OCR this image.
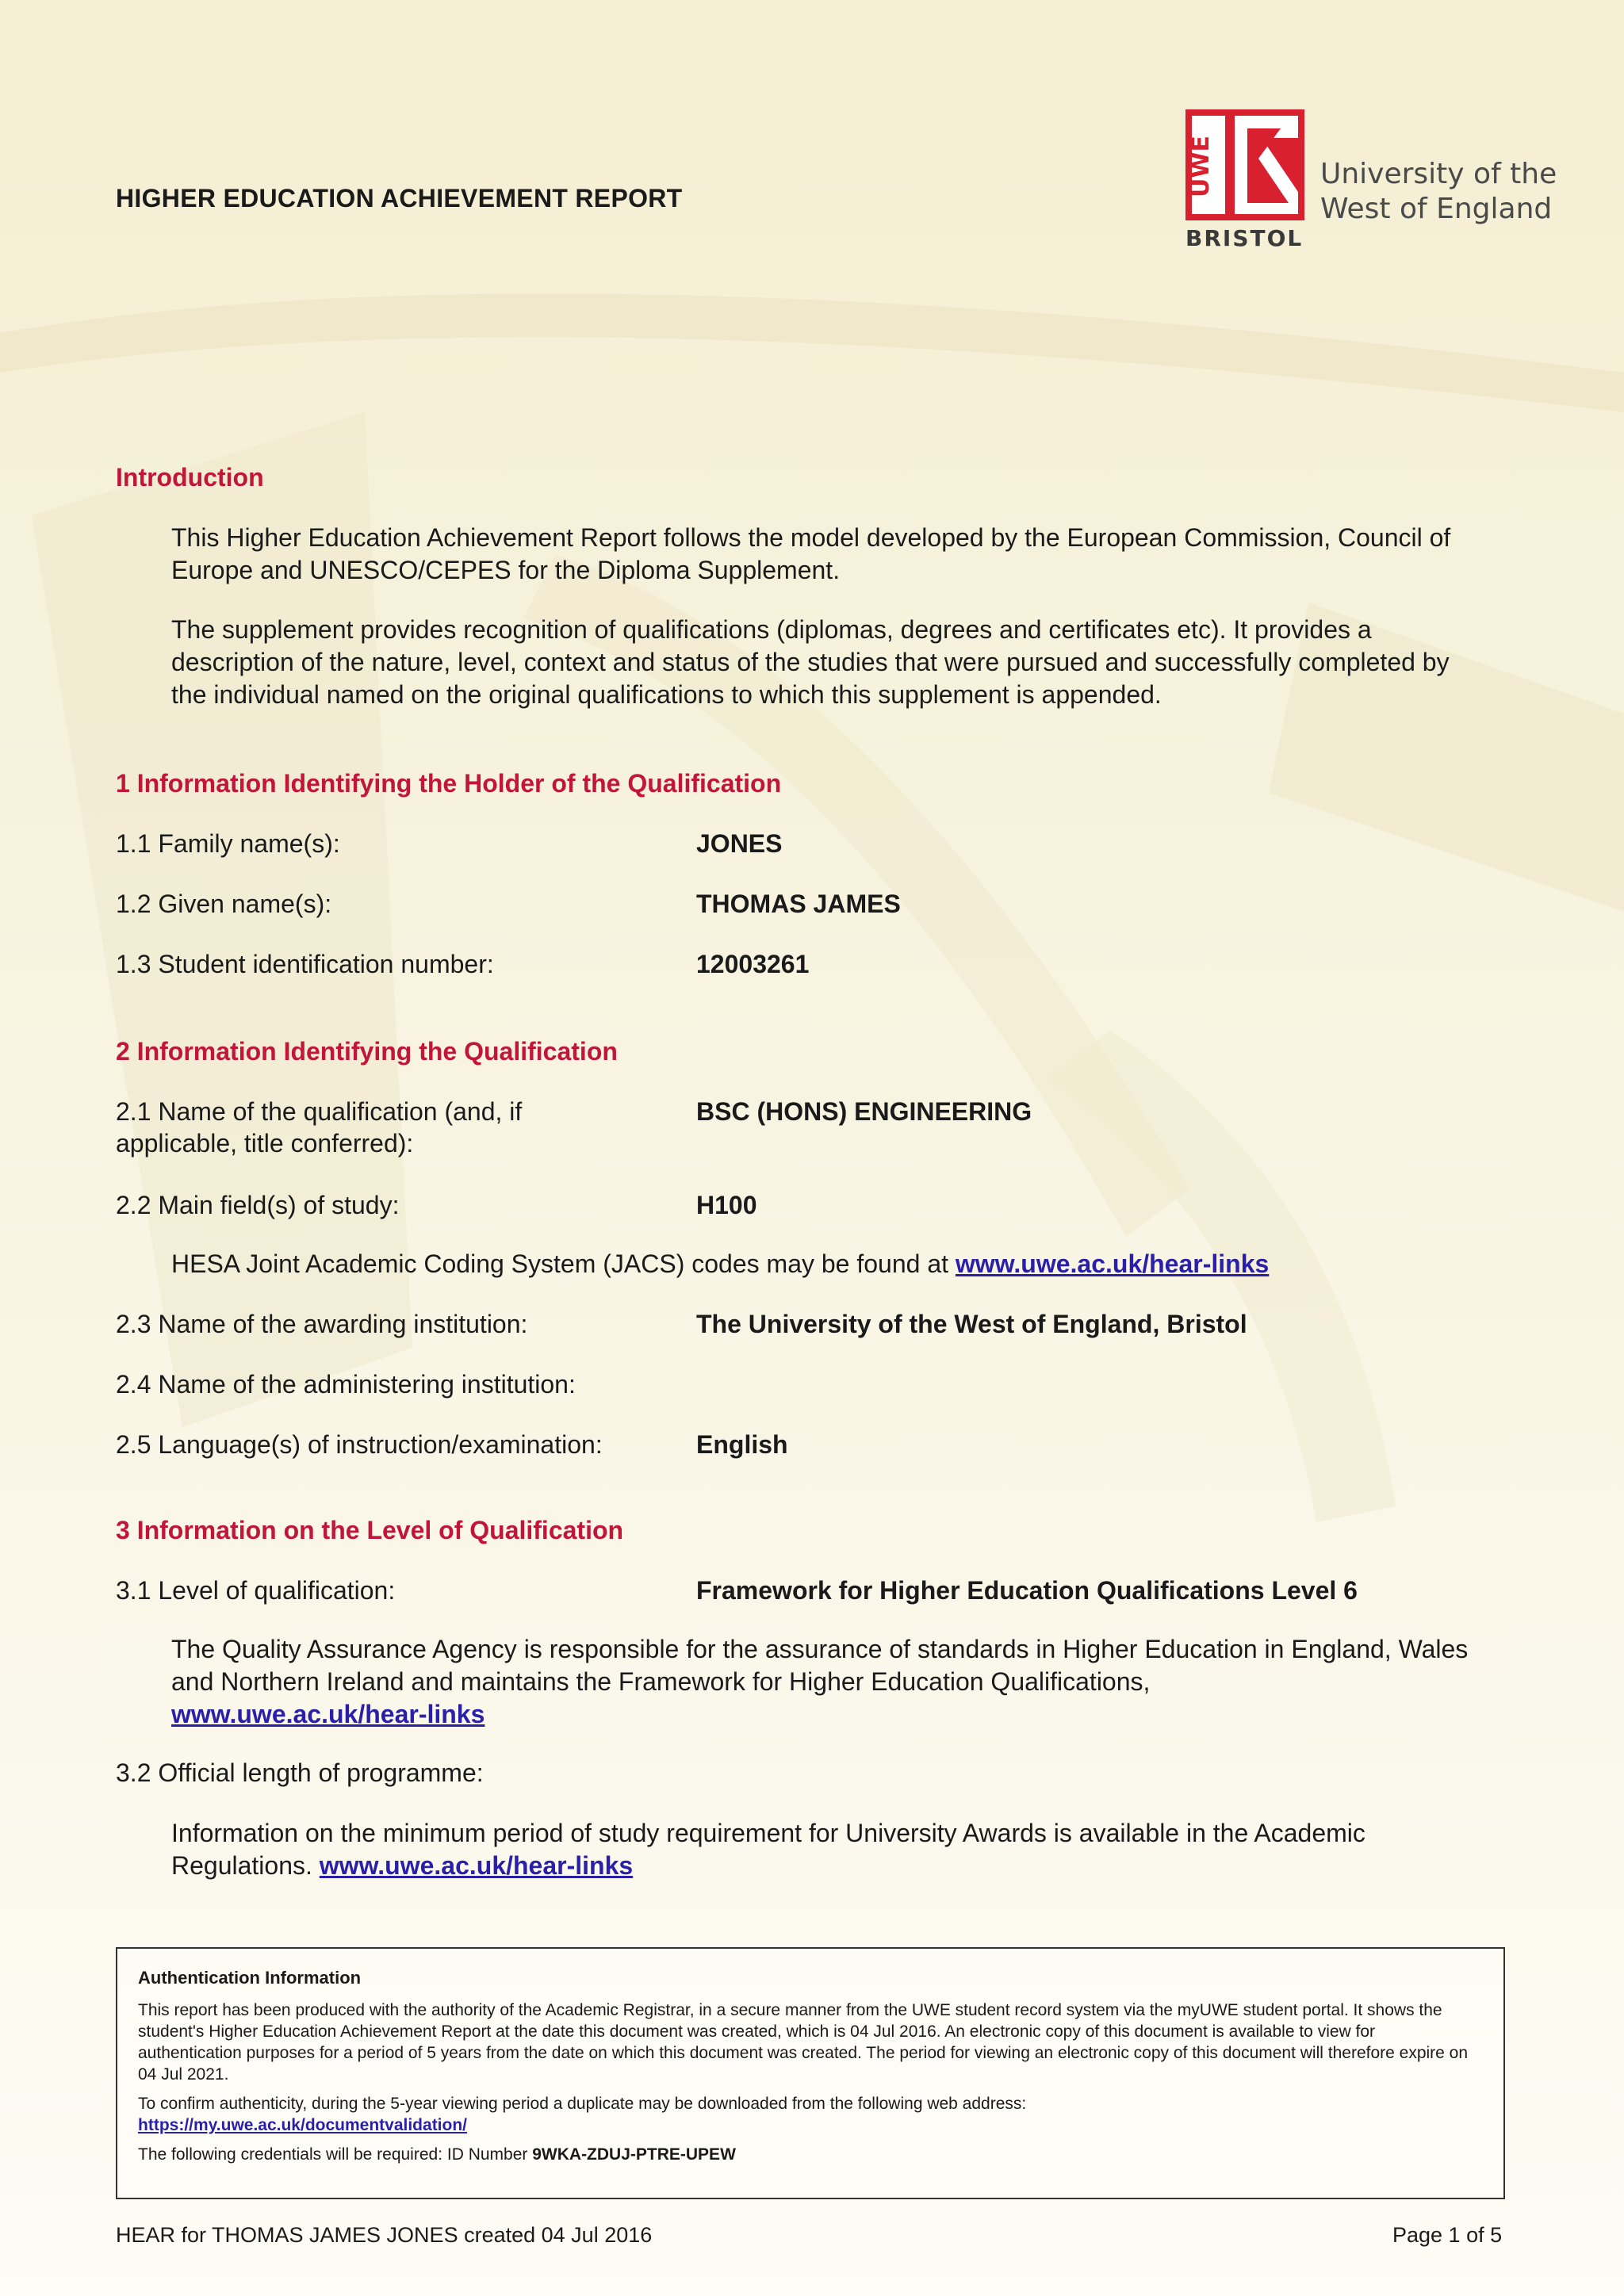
HIGHER EDUCATION ACHIEVEMENT REPORT
UWE	University of the
West of England
BRISTOL
Introduction
This Higher Education Achievement Report follows the model developed by the European Commission, Council of Europe and UNESCO/CEPES for the Diploma Supplement.
The supplement provides recognition of qualifications (diplomas, degrees and certificates etc). It provides a description of the nature, level, context and status of the studies that were pursued and successfully completed by the individual named on the original qualifications to which this supplement is appended.
1 Information Identifying the Holder of the Qualification
1.1 Family name(s):	JONES
1.2 Given name(s):	THOMAS JAMES
1.3 Student identification number:	12003261
2 Information Identifying the Qualification
2.1 Name of the qualification (and, if applicable, title conferred):
BSC (HONS) ENGINEERING
2.2 Main field(s) of study:	H100
HESA Joint Academic Coding System (JACS) codes may be found at www.uwe.ac.uk/hear-links
2.3 Name of the awarding institution:	The University of the West of England, Bristol
2.4 Name of the administering institution:
2.5 Language(s) of instruction/examination:	English
3 Information on the Level of Qualification
3.1 Level of qualification:	Framework for Higher Education Qualifications Level 6
The Quality Assurance Agency is responsible for the assurance of standards in Higher Education in England, Wales and Northern Ireland and maintains the Framework for Higher Education Qualifications,
www.uwe.ac.uk/hear-links
3.2 Official length of programme:
Information on the minimum period of study requirement for University Awards is available in the Academic Regulations. www.uwe.ac.uk/hear-links
Authentication Information
This report has been produced with the authority of the Academic Registrar, in a secure manner from the UWE student record system via the myUWE student portal. It shows the student's Higher Education Achievement Report at the date this document was created, which is 04 Jul 2016. An electronic copy of this document is available to view for authentication purposes for a period of 5 years from the date on which this document was created. The period for viewing an electronic copy of this document will therefore expire on 04 Jul 2021.
To confirm authenticity, during the 5-year viewing period a duplicate may be downloaded from the following web address:
https://my.uwe.ac.uk/documentvalidation/
The following credentials will be required: ID Number 9WKA-ZDUJ-PTRE-UPEW
HEAR for THOMAS JAMES JONES created 04 Jul 2016	Page 1 of 5
